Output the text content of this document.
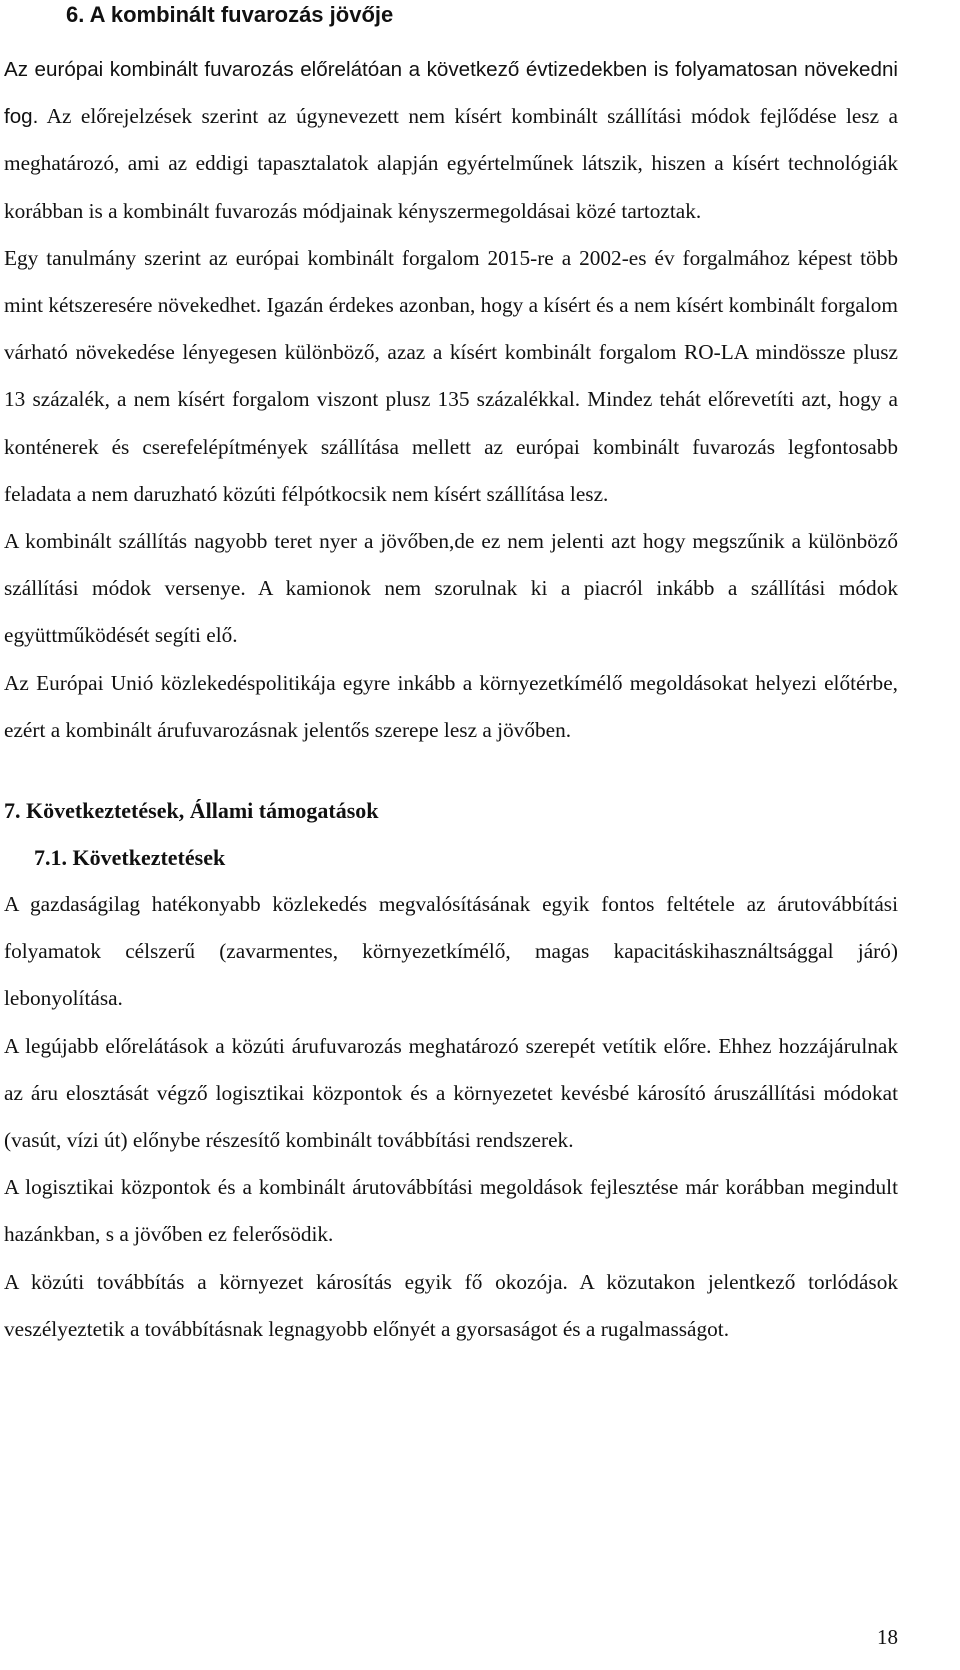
6. A kombinált fuvarozás jövője

Az európai kombinált fuvarozás előrelátóan a következő évtizedekben is folyamatosan növekedni fog. Az előrejelzések szerint az úgynevezett nem kísért kombinált szállítási módok fejlődése lesz a meghatározó, ami az eddigi tapasztalatok alapján egyértelműnek látszik, hiszen a kísért technológiák korábban is a kombinált fuvarozás módjainak kényszermegoldásai közé tartoztak.

Egy tanulmány szerint az európai kombinált forgalom 2015-re a 2002-es év forgalmához képest több mint kétszeresére növekedhet. Igazán érdekes azonban, hogy a kísért és a nem kísért kombinált forgalom várható növekedése lényegesen különböző, azaz a kísért kombinált forgalom RO-LA mindössze plusz 13 százalék, a nem kísért forgalom viszont plusz 135 százalékkal. Mindez tehát előrevetíti azt, hogy a konténerek és cserefelépítmények szállítása mellett az európai kombinált fuvarozás legfontosabb feladata a nem daruzható közúti félpótkocsik nem kísért szállítása lesz.

A kombinált szállítás nagyobb teret nyer a jövőben,de ez nem jelenti azt hogy megszűnik a különböző szállítási módok versenye. A kamionok nem szorulnak ki a piacról inkább a szállítási módok együttműködését segíti elő.

Az Európai Unió közlekedéspolitikája egyre inkább a környezetkímélő megoldásokat helyezi előtérbe, ezért a kombinált árufuvarozásnak jelentős szerepe lesz a jövőben.

7. Következtetések, Állami támogatások
7.1. Következtetések

A gazdaságilag hatékonyabb közlekedés megvalósításának egyik fontos feltétele az árutovábbítási folyamatok célszerű (zavarmentes, környezetkímélő, magas kapacitáskihasználtsággal járó) lebonyolítása.

A legújabb előrelátások a közúti árufuvarozás meghatározó szerepét vetítik előre. Ehhez hozzájárulnak az áru elosztását végző logisztikai központok és a környezetet kevésbé károsító áruszállítási módokat (vasút, vízi út) előnybe részesítő kombinált továbbítási rendszerek.

A logisztikai központok és a kombinált árutovábbítási megoldások fejlesztése már korábban megindult hazánkban, s a jövőben ez felerősödik.

A közúti továbbítás a környezet károsítás egyik fő okozója. A közutakon jelentkező torlódások veszélyeztetik a továbbításnak legnagyobb előnyét a gyorsaságot és a rugalmasságot.

18
